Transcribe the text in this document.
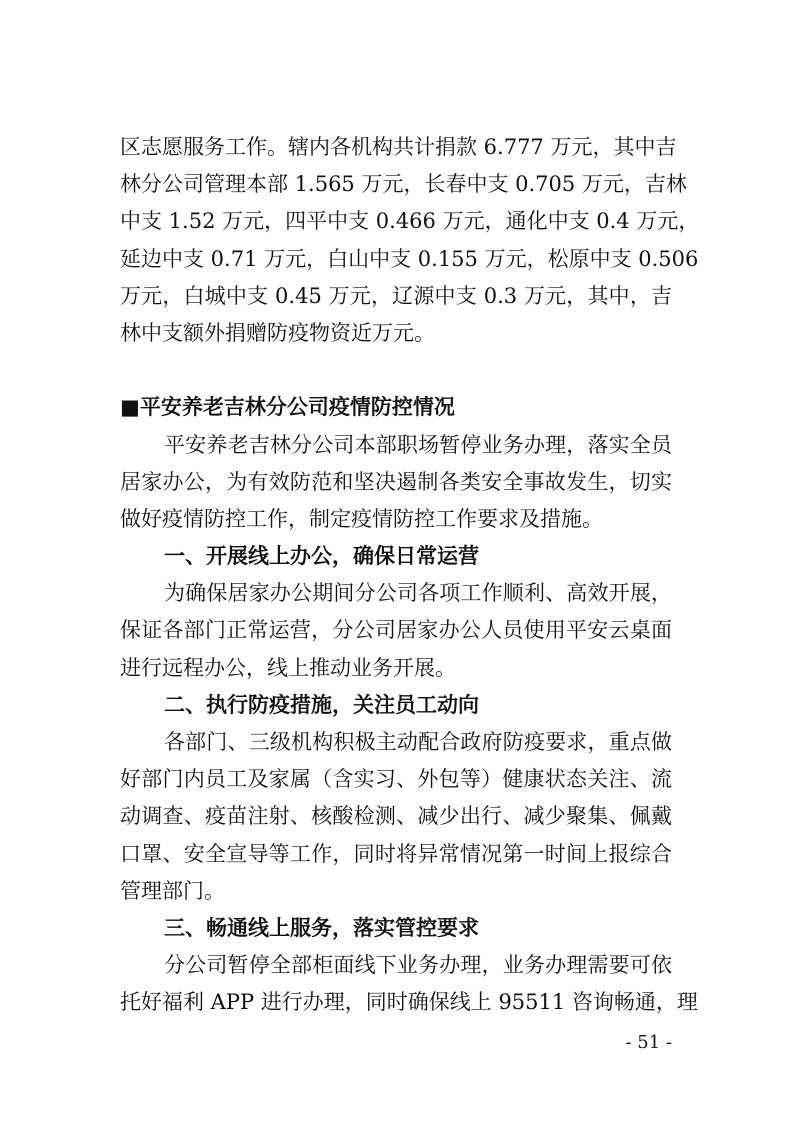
区志愿服务工作。辖内各机构共计捐款 6.777 万元，其中吉
林分公司管理本部 1.565 万元，长春中支 0.705 万元，吉林
中支 1.52 万元，四平中支 0.466 万元，通化中支 0.4 万元，
延边中支 0.71 万元，白山中支 0.155 万元，松原中支 0.506
万元，白城中支 0.45 万元，辽源中支 0.3 万元，其中，吉
林中支额外捐赠防疫物资近万元。
■平安养老吉林分公司疫情防控情况
平安养老吉林分公司本部职场暂停业务办理，落实全员
居家办公，为有效防范和坚决遏制各类安全事故发生，切实
做好疫情防控工作，制定疫情防控工作要求及措施。
一、开展线上办公，确保日常运营
为确保居家办公期间分公司各项工作顺利、高效开展，
保证各部门正常运营，分公司居家办公人员使用平安云桌面
进行远程办公，线上推动业务开展。
二、执行防疫措施，关注员工动向
各部门、三级机构积极主动配合政府防疫要求，重点做
好部门内员工及家属（含实习、外包等）健康状态关注、流
动调查、疫苗注射、核酸检测、减少出行、减少聚集、佩戴
口罩、安全宣导等工作，同时将异常情况第一时间上报综合
管理部门。
三、畅通线上服务，落实管控要求
分公司暂停全部柜面线下业务办理，业务办理需要可依
托好福利 APP 进行办理，同时确保线上 95511 咨询畅通，理
- 51 -
